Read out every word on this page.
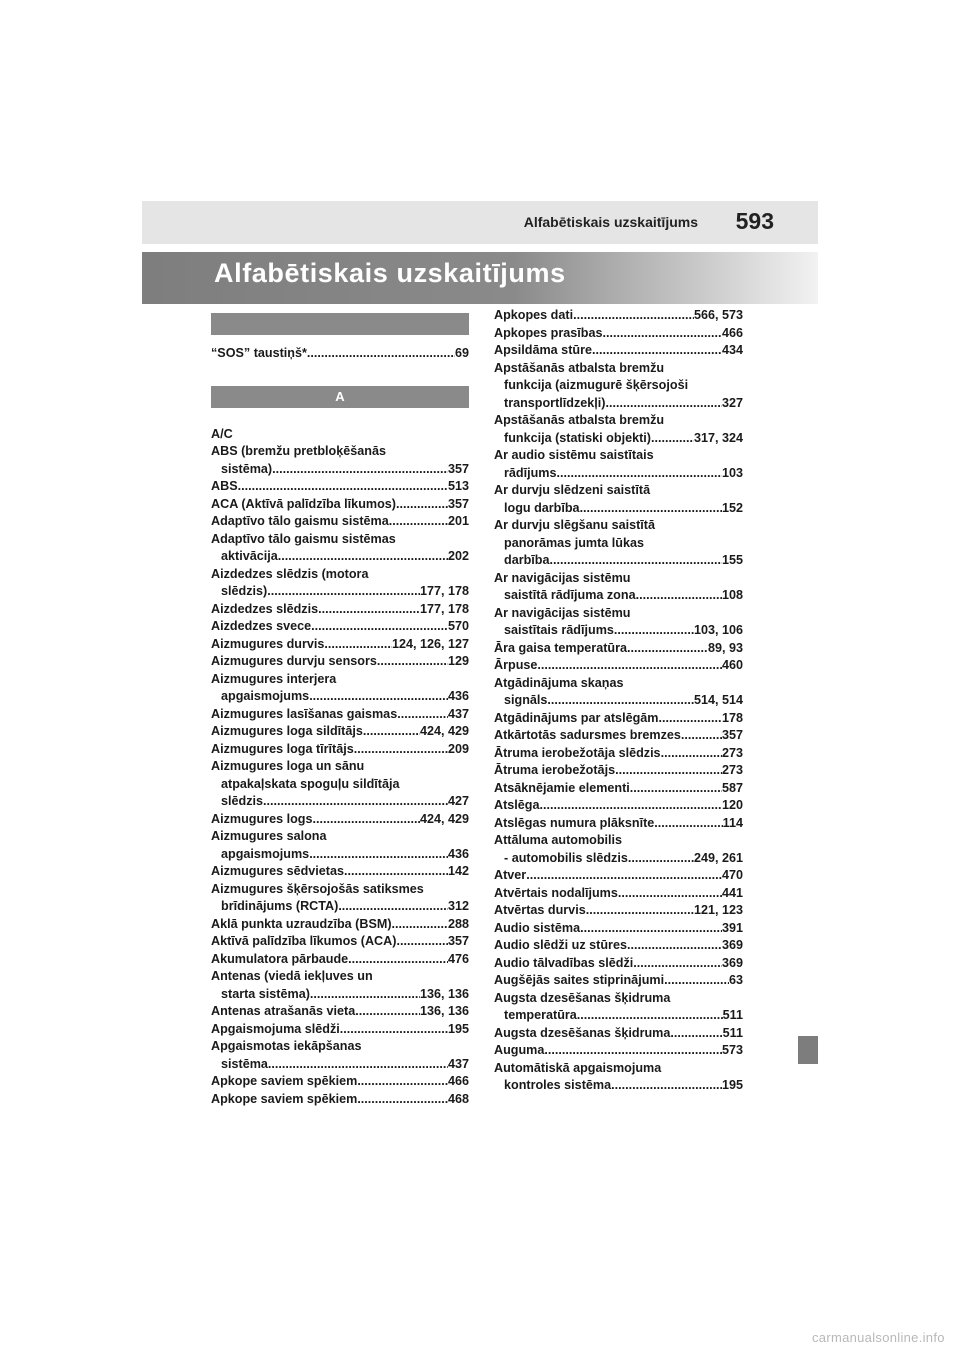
Alfabētiskais uzskaitījums 593
Alfabētiskais uzskaitījums
“SOS” taustiņš* .....	69
A
A/C
ABS (bremžu pretbloķēšanās
sistēma) .....	357
ABS .....	513
ACA (Aktīvā palīdzība līkumos) .....	357
Adaptīvo tālo gaismu sistēma .....	201
Adaptīvo tālo gaismu sistēmas
aktivācija .....	202
Aizdedzes slēdzis (motora
slēdzis) .....	177, 178
Aizdedzes slēdzis .....	177, 178
Aizdedzes svece .....	570
Aizmugures durvis .....	124, 126, 127
Aizmugures durvju sensors .....	129
Aizmugures interjera
apgaismojums .....	436
Aizmugures lasīšanas gaismas .....	437
Aizmugures loga sildītājs .....	424, 429
Aizmugures loga tīrītājs .....	209
Aizmugures loga un sānu
atpakaļskata spoguļu sildītāja
slēdzis .....	427
Aizmugures logs .....	424, 429
Aizmugures salona
apgaismojums .....	436
Aizmugures sēdvietas .....	142
Aizmugures šķērsojošās satiksmes
brīdinājums (RCTA) .....	312
Aklā punkta uzraudzība (BSM) .....	288
Aktīvā palīdzība līkumos (ACA) .....	357
Akumulatora pārbaude .....	476
Antenas (viedā iekļuves un
starta sistēma) .....	136, 136
Antenas atrašanās vieta .....	136, 136
Apgaismojuma slēdži .....	195
Apgaismotas iekāpšanas
sistēma .....	437
Apkope saviem spēkiem .....	466
Apkope saviem spēkiem .....	468
Apkopes dati .....	566, 573
Apkopes prasības .....	466
Apsildāma stūre .....	434
Apstāšanās atbalsta bremžu
funkcija (aizmugurē šķērsojoši
transportlīdzekļi) .....	327
Apstāšanās atbalsta bremžu
funkcija (statiski objekti) .....	317, 324
Ar audio sistēmu saistītais
rādījums .....	103
Ar durvju slēdzeni saistītā
logu darbība .....	152
Ar durvju slēgšanu saistītā
panorāmas jumta lūkas
darbība .....	155
Ar navigācijas sistēmu
saistītā rādījuma zona .....	108
Ar navigācijas sistēmu
saistītais rādījums .....	103, 106
Āra gaisa temperatūra .....	89, 93
Ārpuse .....	460
Atgādinājuma skaņas
signāls .....	514, 514
Atgādinājums par atslēgām .....	178
Atkārtotās sadursmes bremzes .....	357
Ātruma ierobežotāja slēdzis .....	273
Ātruma ierobežotājs .....	273
Atsāknējamie elementi .....	587
Atslēga .....	120
Atslēgas numura plāksnīte .....	114
Attāluma automobilis
- automobilis slēdzis .....	249, 261
Atver .....	470
Atvērtais nodalījums .....	441
Atvērtas durvis .....	121, 123
Audio sistēma .....	391
Audio slēdži uz stūres .....	369
Audio tālvadības slēdži .....	369
Augšējās saites stiprinājumi .....	63
Augsta dzesēšanas šķidruma
temperatūra .....	511
Augsta dzesēšanas šķidruma .....	511
Auguma .....	573
Automātiskā apgaismojuma
kontroles sistēma .....	195
carmanualsonline.info
